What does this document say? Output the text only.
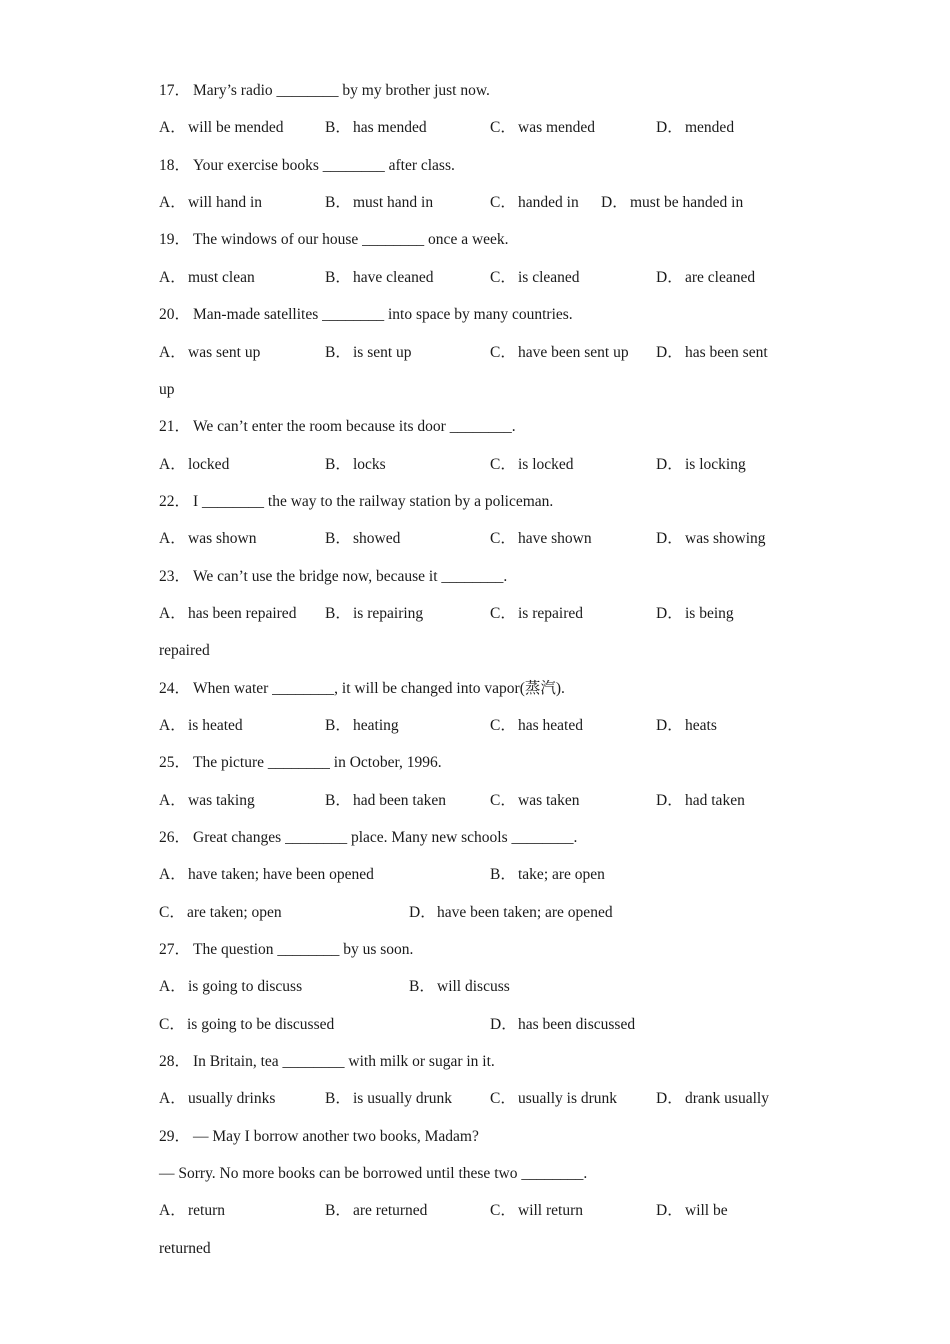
17． Mary’s radio ________ by my brother just now.
A． will be mended	B． has mended	C． was mended	D． mended
18． Your exercise books ________ after class.
A． will hand in	B． must hand in	C． handed in D． must be handed in
19． The windows of our house ________ once a week.
A． must clean	B． have cleaned	C． is cleaned	D． are cleaned
20． Man-made satellites ________ into space by many countries.
A． was sent up	B． is sent up	C． have been sent up D． has been sent
up
21． We can’t enter the room because its door ________.
A． locked	B． locks	C． is locked	D． is locking
22． I ________ the way to the railway station by a policeman.
A． was shown	B． showed	C． have shown	D． was showing
23． We can’t use the bridge now, because it ________.
A． has been repaired B． is repairing	C． is repaired	D． is being
repaired
24． When water ________, it will be changed into vapor(蒸汽).
A． is heated	B． heating	C． has heated	D． heats
25． The picture ________ in October, 1996.
A． was taking	B． had been taken	C． was taken	D． had taken
26． Great changes ________ place. Many new schools ________.
A． have taken; have been opened	B． take; are open
C． are taken; open	D． have been taken; are opened
27． The question ________ by us soon.
A． is going to discuss	B． will discuss
C． is going to be discussed	D． has been discussed
28． In Britain, tea ________ with milk or sugar in it.
A． usually drinks	B． is usually drunk C． usually is drunk	D． drank usually
29． — May I borrow another two books, Madam?
— Sorry. No more books can be borrowed until these two ________.
A． return	B． are returned	C． will return	D． will be
returned
